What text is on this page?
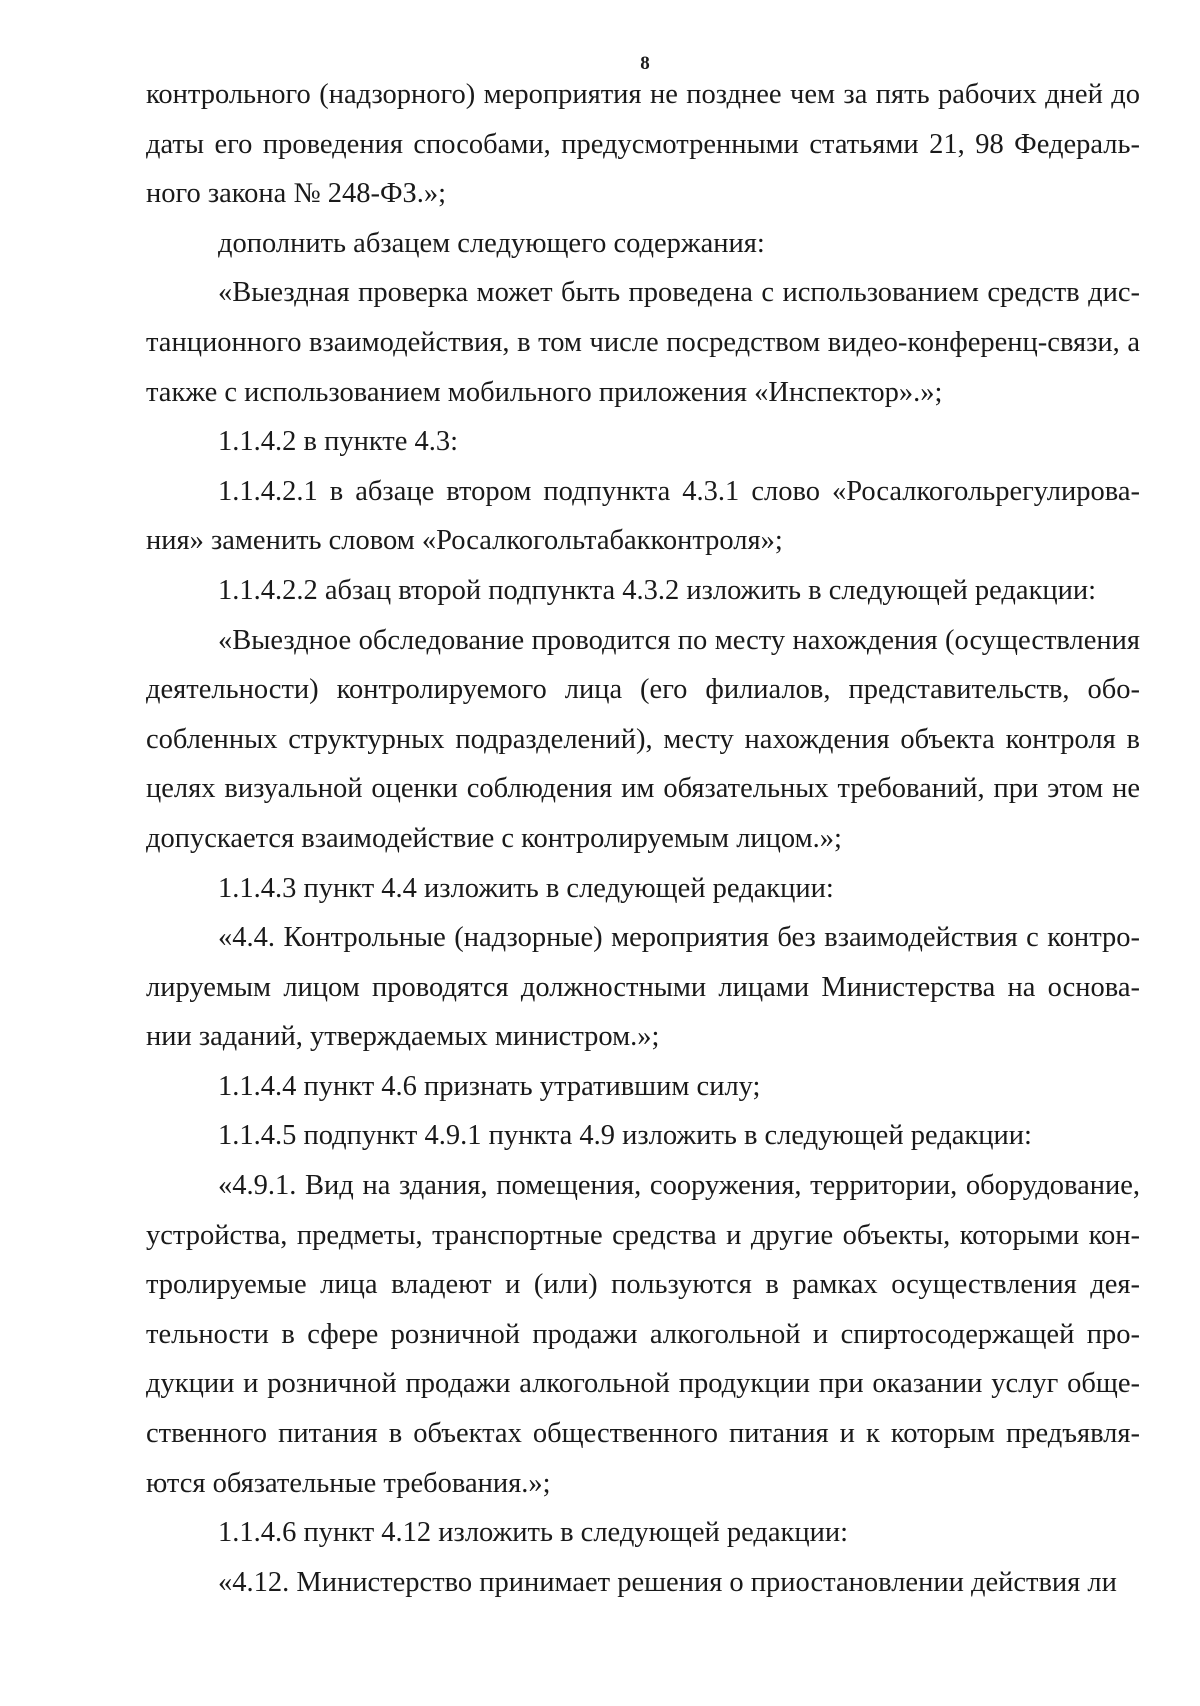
8

контрольного (надзорного) мероприятия не позднее чем за пять рабочих дней до даты его проведения способами, предусмотренными статьями 21, 98 Федерального закона № 248-ФЗ.»;

дополнить абзацем следующего содержания:

«Выездная проверка может быть проведена с использованием средств дистанционного взаимодействия, в том числе посредством видео-конференц-связи, а также с использованием мобильного приложения «Инспектор».»;

1.1.4.2 в пункте 4.3:

1.1.4.2.1 в абзаце втором подпункта 4.3.1 слово «Росалкогольрегулирования» заменить словом «Росалкогольтабакконтроля»;

1.1.4.2.2 абзац второй подпункта 4.3.2 изложить в следующей редакции:

«Выездное обследование проводится по месту нахождения (осуществления деятельности) контролируемого лица (его филиалов, представительств, обособленных структурных подразделений), месту нахождения объекта контроля в целях визуальной оценки соблюдения им обязательных требований, при этом не допускается взаимодействие с контролируемым лицом.»;

1.1.4.3 пункт 4.4 изложить в следующей редакции:

«4.4. Контрольные (надзорные) мероприятия без взаимодействия с контролируемым лицом проводятся должностными лицами Министерства на основании заданий, утверждаемых министром.»;

1.1.4.4 пункт 4.6 признать утратившим силу;

1.1.4.5 подпункт 4.9.1 пункта 4.9 изложить в следующей редакции:

«4.9.1. Вид на здания, помещения, сооружения, территории, оборудование, устройства, предметы, транспортные средства и другие объекты, которыми контролируемые лица владеют и (или) пользуются в рамках осуществления деятельности в сфере розничной продажи алкогольной и спиртосодержащей продукции и розничной продажи алкогольной продукции при оказании услуг общественного питания в объектах общественного питания и к которым предъявляются обязательные требования.»;

1.1.4.6 пункт 4.12 изложить в следующей редакции:

«4.12. Министерство принимает решения о приостановлении действия ли
